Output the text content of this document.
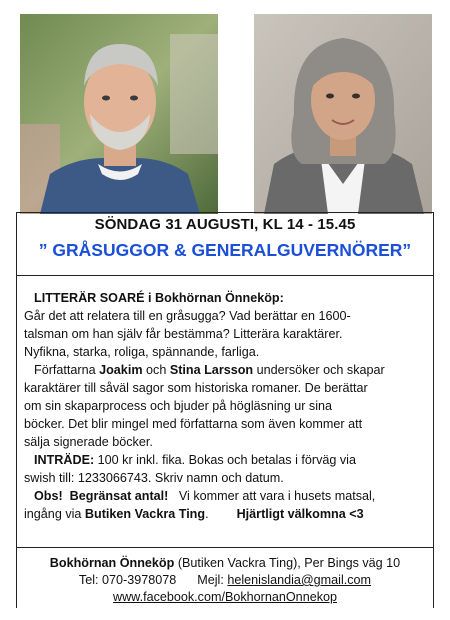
SÖNDAG 31 AUGUSTI, KL 14 - 15.45
” GRÅSUGGOR & GENERALGUVERNÖRER”
LITTERÄR SOARÉ i Bokhörnan Önneköp:
Går det att relatera till en gråsugga? Vad berättar en 1600-
talsman om han själv får bestämma? Litterära karaktärer.
Nyfikna, starka, roliga, spännande, farliga.
Författarna Joakim och Stina Larsson undersöker och skapar
karaktärer till såväl sagor som historiska romaner. De berättar
om sin skaparprocess och bjuder på högläsning ur sina
böcker. Det blir mingel med författarna som även kommer att
sälja signerade böcker.
INTRÄDE: 100 kr inkl. fika. Bokas och betalas i förväg via
swish till: 1233066743. Skriv namn och datum.
Obs!  Begränsat antal!   Vi kommer att vara i husets matsal,
ingång via Butiken Vackra Ting.        Hjärtligt välkomna <3
Bokhörnan Önneköp (Butiken Vackra Ting), Per Bings väg 10
Tel: 070-3978078      Mejl: helenislandia@gmail.com
www.facebook.com/BokhornanOnnekop
